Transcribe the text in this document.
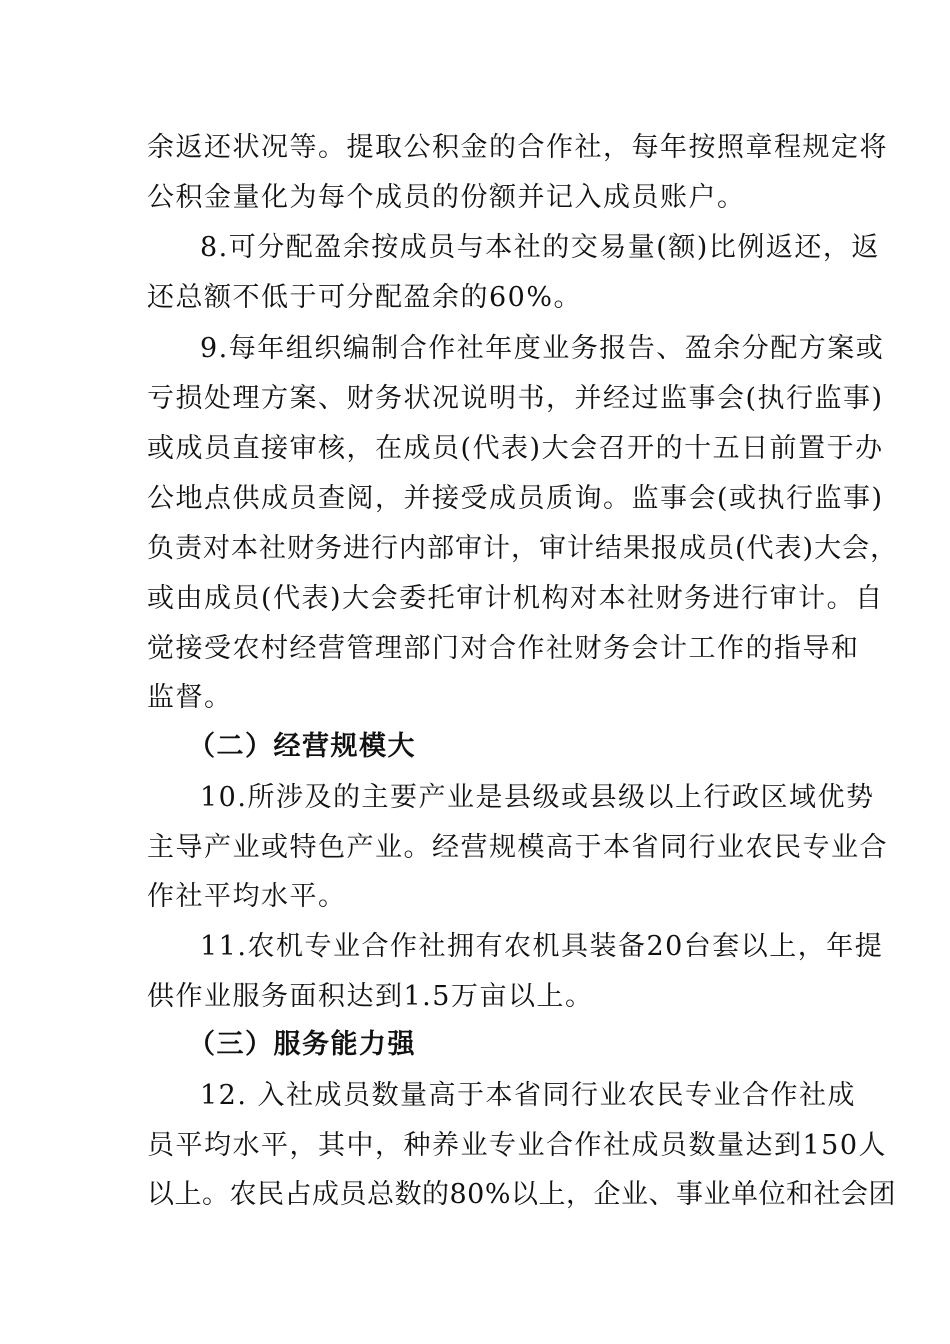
余返还状况等。提取公积金的合作社，每年按照章程规定将
公积金量化为每个成员的份额并记入成员账户。
8.可分配盈余按成员与本社的交易量(额)比例返还，返
还总额不低于可分配盈余的60%。
9.每年组织编制合作社年度业务报告、盈余分配方案或
亏损处理方案、财务状况说明书，并经过监事会(执行监事)
或成员直接审核，在成员(代表)大会召开的十五日前置于办
公地点供成员查阅，并接受成员质询。监事会(或执行监事)
负责对本社财务进行内部审计，审计结果报成员(代表)大会，
或由成员(代表)大会委托审计机构对本社财务进行审计。自
觉接受农村经营管理部门对合作社财务会计工作的指导和
监督。
（二）经营规模大
10.所涉及的主要产业是县级或县级以上行政区域优势
主导产业或特色产业。经营规模高于本省同行业农民专业合
作社平均水平。
11.农机专业合作社拥有农机具装备20台套以上，年提
供作业服务面积达到1.5万亩以上。
（三）服务能力强
12. 入社成员数量高于本省同行业农民专业合作社成
员平均水平，其中，种养业专业合作社成员数量达到150人
以上。农民占成员总数的80%以上，企业、事业单位和社会团
